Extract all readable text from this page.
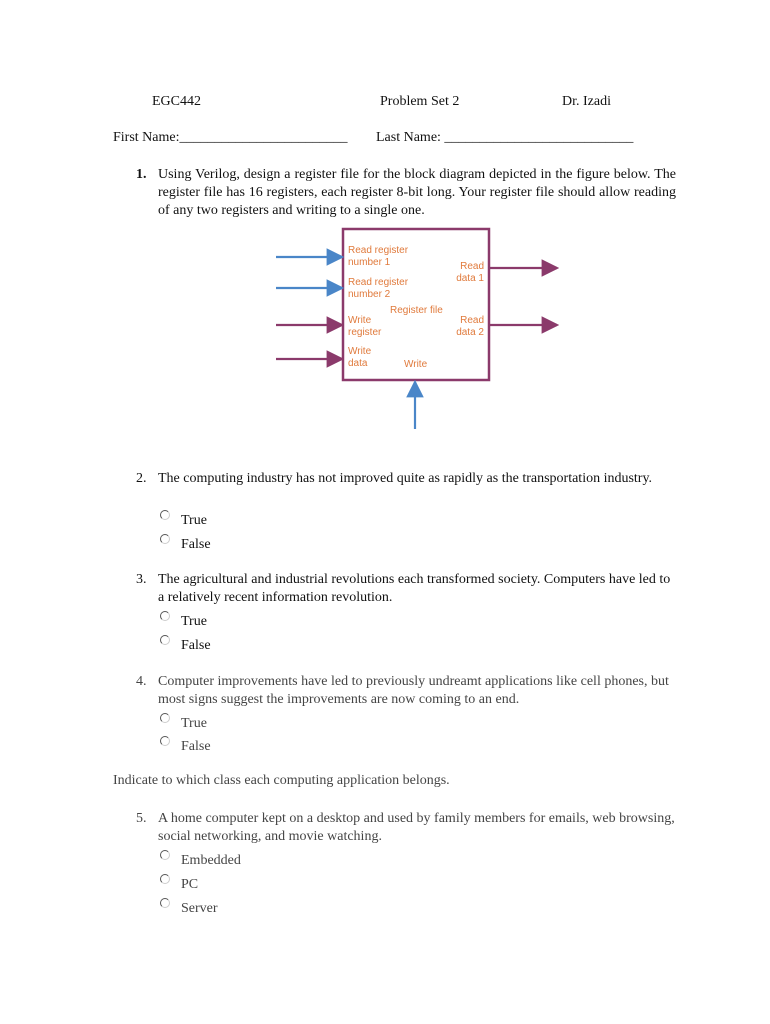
EGC442	Problem Set 2	Dr. Izadi
First Name:________________________ Last Name: ___________________________
1. Using Verilog, design a register file for the block diagram depicted in the figure below. The register file has 16 registers, each register 8-bit long. Your register file should allow reading of any two registers and writing to a single one.
Read register
number 1
Read register
number 2
Register file
Write
register
Write
data	Write
Read
data 1
Read
data 2
2. The computing industry has not improved quite as rapidly as the transportation industry.
True
False
3. The agricultural and industrial revolutions each transformed society. Computers have led to a relatively recent information revolution.
True
False
4. Computer improvements have led to previously undreamt applications like cell phones, but most signs suggest the improvements are now coming to an end.
True
False
Indicate to which class each computing application belongs.
5. A home computer kept on a desktop and used by family members for emails, web browsing, social networking, and movie watching.
Embedded
PC
Server
